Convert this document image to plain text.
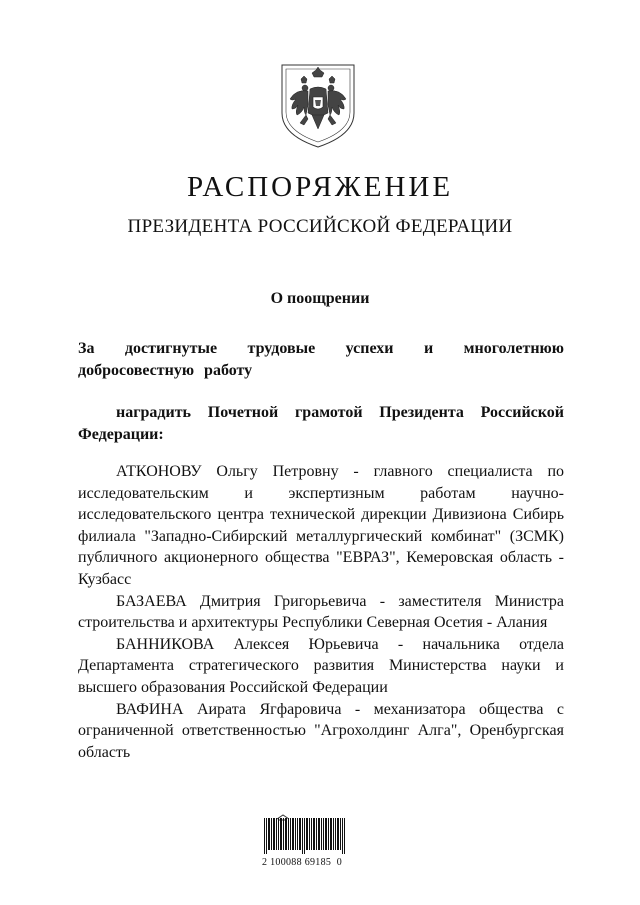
РАСПОРЯЖЕНИЕ
ПРЕЗИДЕНТА РОССИЙСКОЙ ФЕДЕРАЦИИ
О поощрении

За достигнутые трудовые успехи и многолетнюю добросовестную работу

наградить Почетной грамотой Президента Российской Федерации:

АТКОНОВУ Ольгу Петровну - главного специалиста по исследовательским и экспертизным работам научно-исследовательского центра технической дирекции Дивизиона Сибирь филиала "Западно-Сибирский металлургический комбинат" (ЗСМК) публичного акционерного общества "ЕВРАЗ", Кемеровская область - Кузбасс

БАЗАЕВА Дмитрия Григорьевича - заместителя Министра строительства и архитектуры Республики Северная Осетия - Алания

БАННИКОВА Алексея Юрьевича - начальника отдела Департамента стратегического развития Министерства науки и высшего образования Российской Федерации

ВАФИНА Аирата Ягфаровича - механизатора общества с ограниченной ответственностью "Агрохолдинг Алга", Оренбургская область

2 100088 69185  0
